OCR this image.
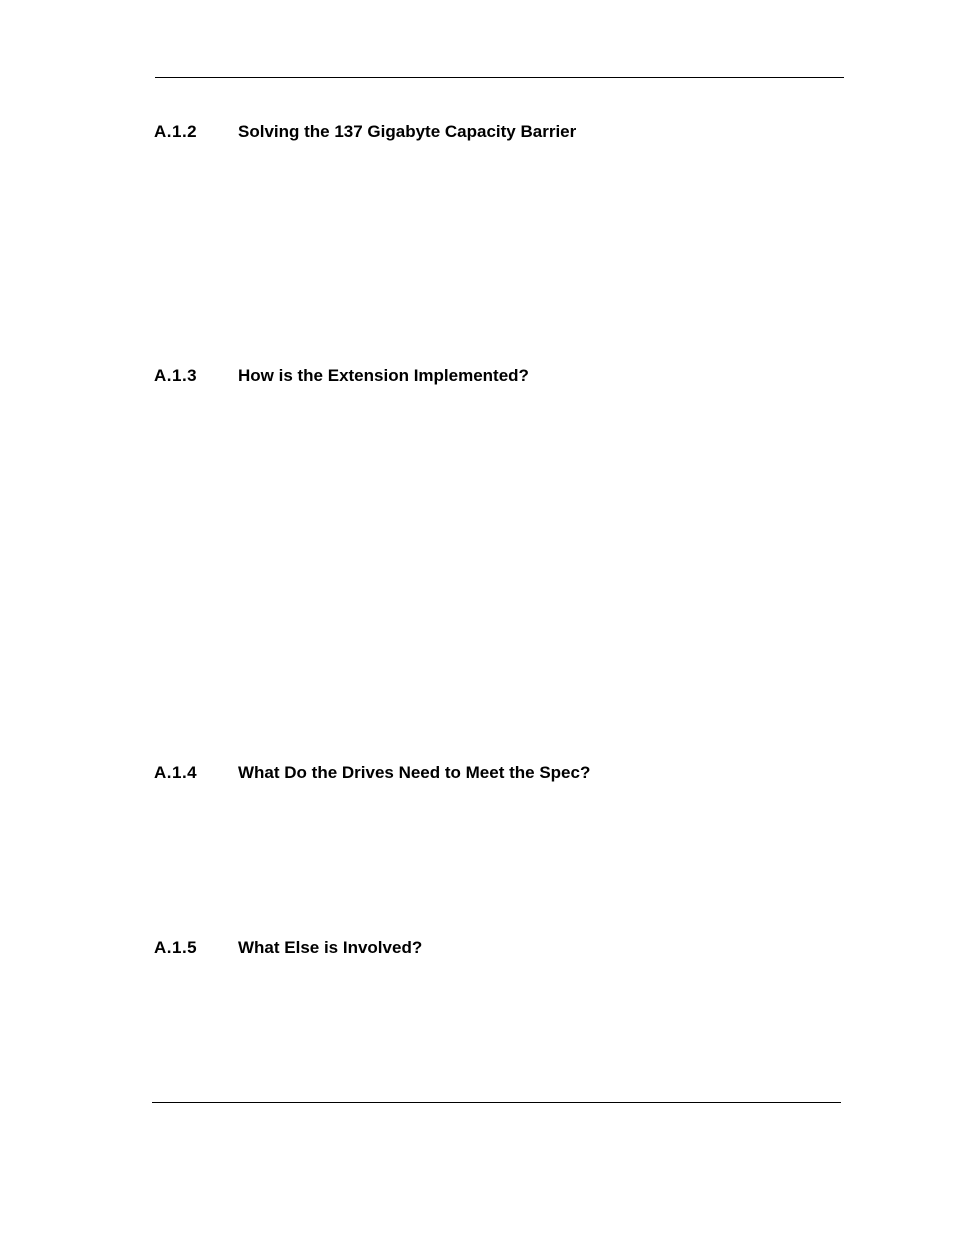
A.1.2 Solving the 137 Gigabyte Capacity Barrier
A.1.3 How is the Extension Implemented?
A.1.4 What Do the Drives Need to Meet the Spec?
A.1.5 What Else is Involved?
